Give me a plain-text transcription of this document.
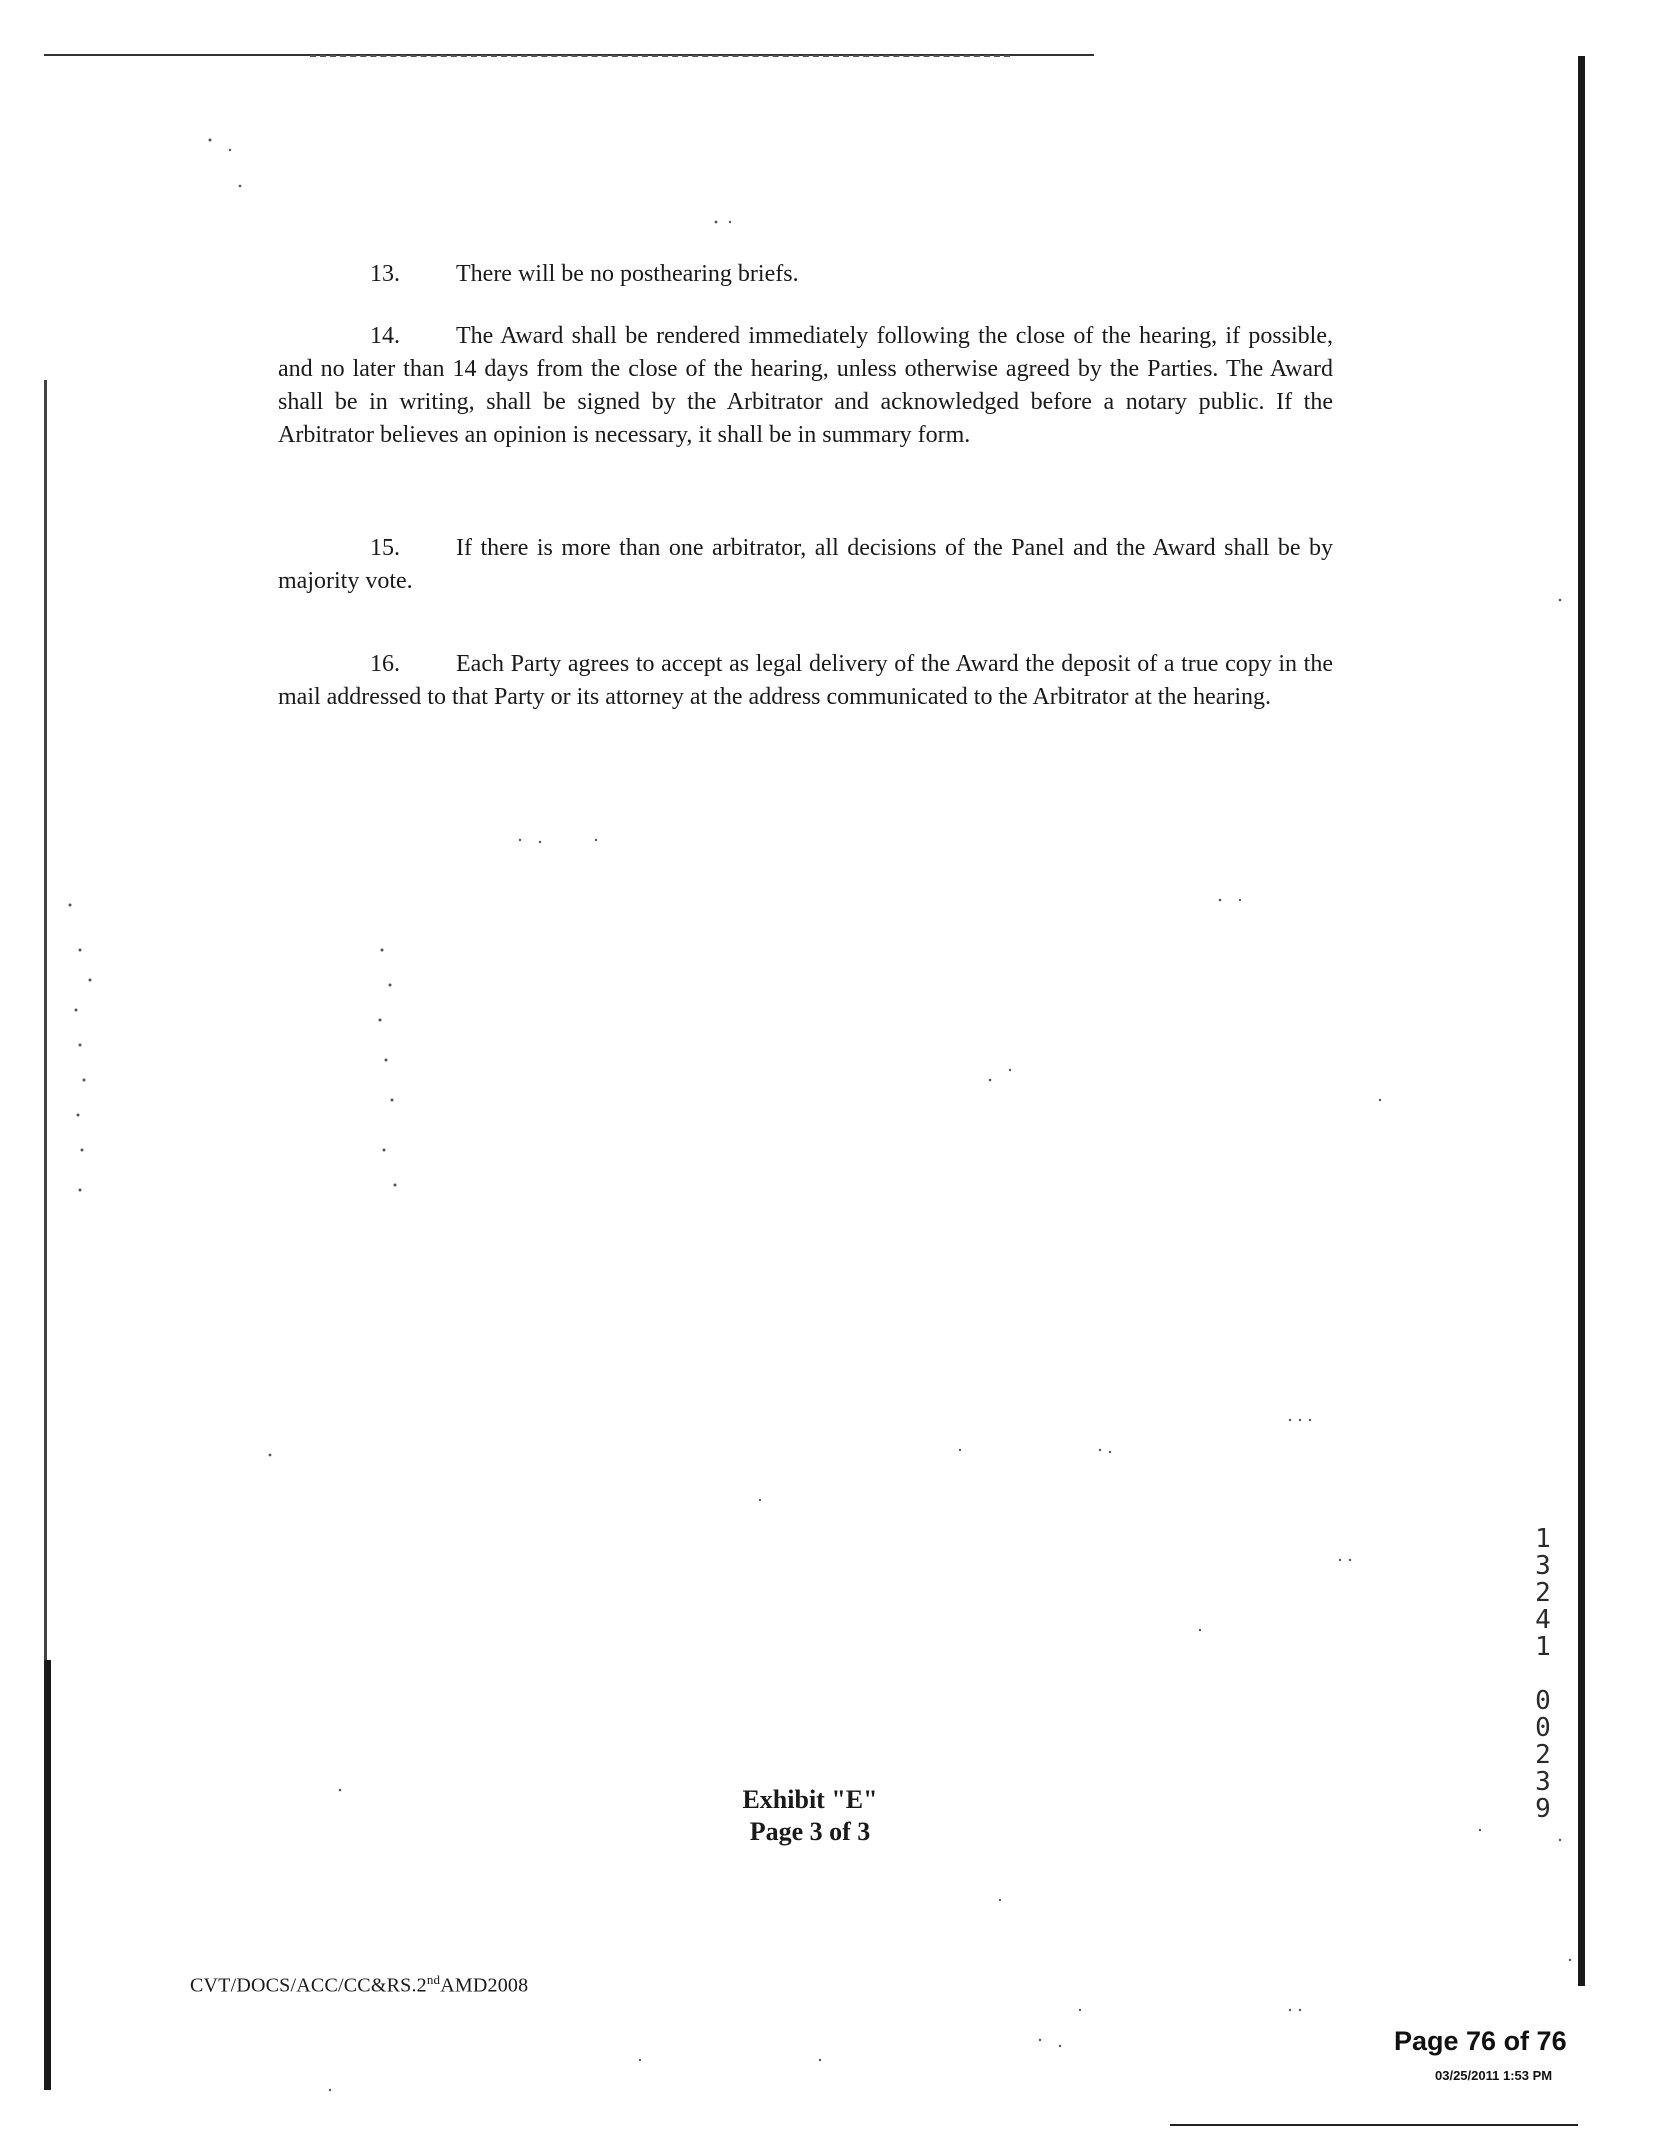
13. There will be no posthearing briefs.
14. The Award shall be rendered immediately following the close of the hearing, if possible, and no later than 14 days from the close of the hearing, unless otherwise agreed by the Parties. The Award shall be in writing, shall be signed by the Arbitrator and acknowledged before a notary public. If the Arbitrator believes an opinion is necessary, it shall be in summary form.
15. If there is more than one arbitrator, all decisions of the Panel and the Award shall be by majority vote.
16. Each Party agrees to accept as legal delivery of the Award the deposit of a true copy in the mail addressed to that Party or its attorney at the address communicated to the Arbitrator at the hearing.
Exhibit "E"
Page 3 of 3
CVT/DOCS/ACC/CC&RS.2ndAMD2008
1
3
2
4
1

0
0
2
3
9
Page 76 of 76
03/25/2011 1:53 PM
